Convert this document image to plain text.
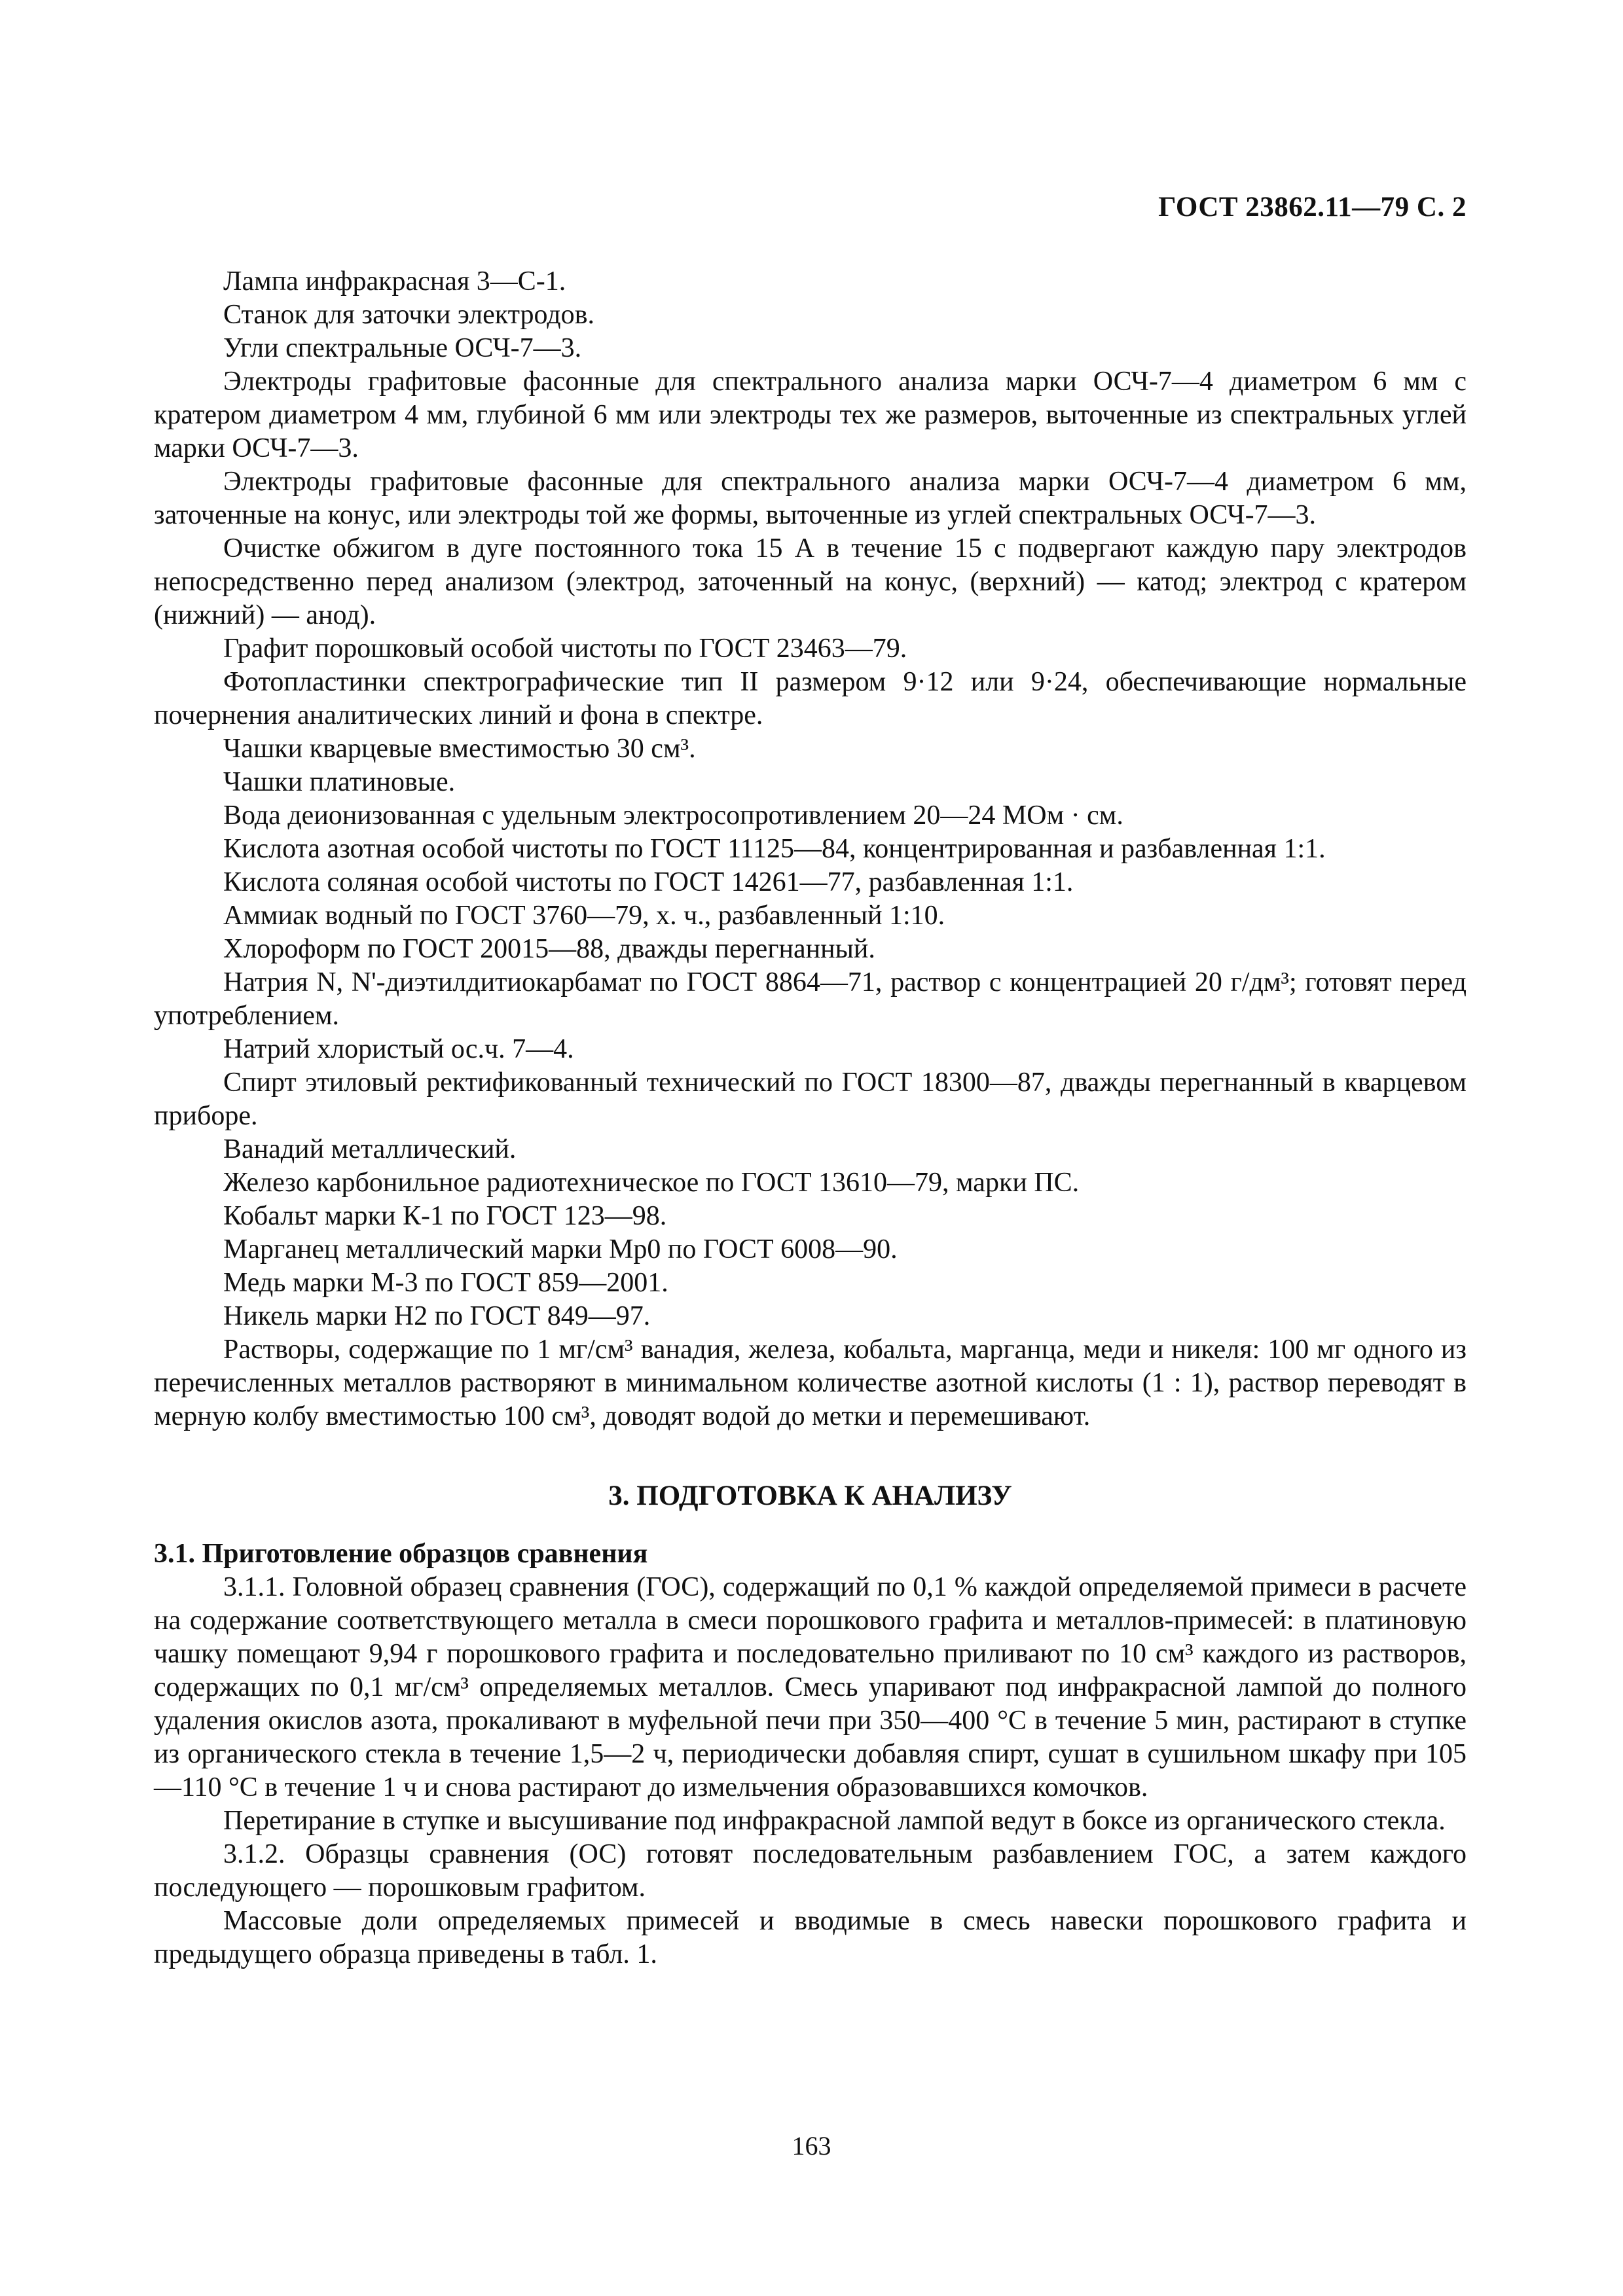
ГОСТ 23862.11—79 С. 2

Лампа инфракрасная 3—С-1.

Станок для заточки электродов.

Угли спектральные ОСЧ-7—3.

Электроды графитовые фасонные для спектрального анализа марки ОСЧ-7—4 диаметром 6 мм с кратером диаметром 4 мм, глубиной 6 мм или электроды тех же размеров, выточенные из спектральных углей марки ОСЧ-7—3.

Электроды графитовые фасонные для спектрального анализа марки ОСЧ-7—4 диаметром 6 мм, заточенные на конус, или электроды той же формы, выточенные из углей спектральных ОСЧ-7—3.

Очистке обжигом в дуге постоянного тока 15 А в течение 15 с подвергают каждую пару электродов непосредственно перед анализом (электрод, заточенный на конус, (верхний) — катод; электрод с кратером (нижний) — анод).

Графит порошковый особой чистоты по ГОСТ 23463—79.

Фотопластинки спектрографические тип II размером 9·12 или 9·24, обеспечивающие нормальные почернения аналитических линий и фона в спектре.

Чашки кварцевые вместимостью 30 см³.

Чашки платиновые.

Вода деионизованная с удельным электросопротивлением 20—24 МОм · см.

Кислота азотная особой чистоты по ГОСТ 11125—84, концентрированная и разбавленная 1:1.

Кислота соляная особой чистоты по ГОСТ 14261—77, разбавленная 1:1.

Аммиак водный по ГОСТ 3760—79, х. ч., разбавленный 1:10.

Хлороформ по ГОСТ 20015—88, дважды перегнанный.

Натрия N, N'-диэтилдитиокарбамат по ГОСТ 8864—71, раствор с концентрацией 20 г/дм³; готовят перед употреблением.

Натрий хлористый ос.ч. 7—4.

Спирт этиловый ректификованный технический по ГОСТ 18300—87, дважды перегнанный в кварцевом приборе.

Ванадий металлический.

Железо карбонильное радиотехническое по ГОСТ 13610—79, марки ПС.

Кобальт марки К-1 по ГОСТ 123—98.

Марганец металлический марки Мр0 по ГОСТ 6008—90.

Медь марки М-3 по ГОСТ 859—2001.

Никель марки Н2 по ГОСТ 849—97.

Растворы, содержащие по 1 мг/см³ ванадия, железа, кобальта, марганца, меди и никеля: 100 мг одного из перечисленных металлов растворяют в минимальном количестве азотной кислоты (1 : 1), раствор переводят в мерную колбу вместимостью 100 см³, доводят водой до метки и перемешивают.

3. ПОДГОТОВКА К АНАЛИЗУ

3.1. Приготовление образцов сравнения

3.1.1. Головной образец сравнения (ГОС), содержащий по 0,1 % каждой определяемой примеси в расчете на содержание соответствующего металла в смеси порошкового графита и металлов-примесей: в платиновую чашку помещают 9,94 г порошкового графита и последовательно приливают по 10 см³ каждого из растворов, содержащих по 0,1 мг/см³ определяемых металлов. Смесь упаривают под инфракрасной лампой до полного удаления окислов азота, прокаливают в муфельной печи при 350—400 °С в течение 5 мин, растирают в ступке из органического стекла в течение 1,5—2 ч, периодически добавляя спирт, сушат в сушильном шкафу при 105—110 °С в течение 1 ч и снова растирают до измельчения образовавшихся комочков.

Перетирание в ступке и высушивание под инфракрасной лампой ведут в боксе из органического стекла.

3.1.2. Образцы сравнения (ОС) готовят последовательным разбавлением ГОС, а затем каждого последующего — порошковым графитом.

Массовые доли определяемых примесей и вводимые в смесь навески порошкового графита и предыдущего образца приведены в табл. 1.

163
